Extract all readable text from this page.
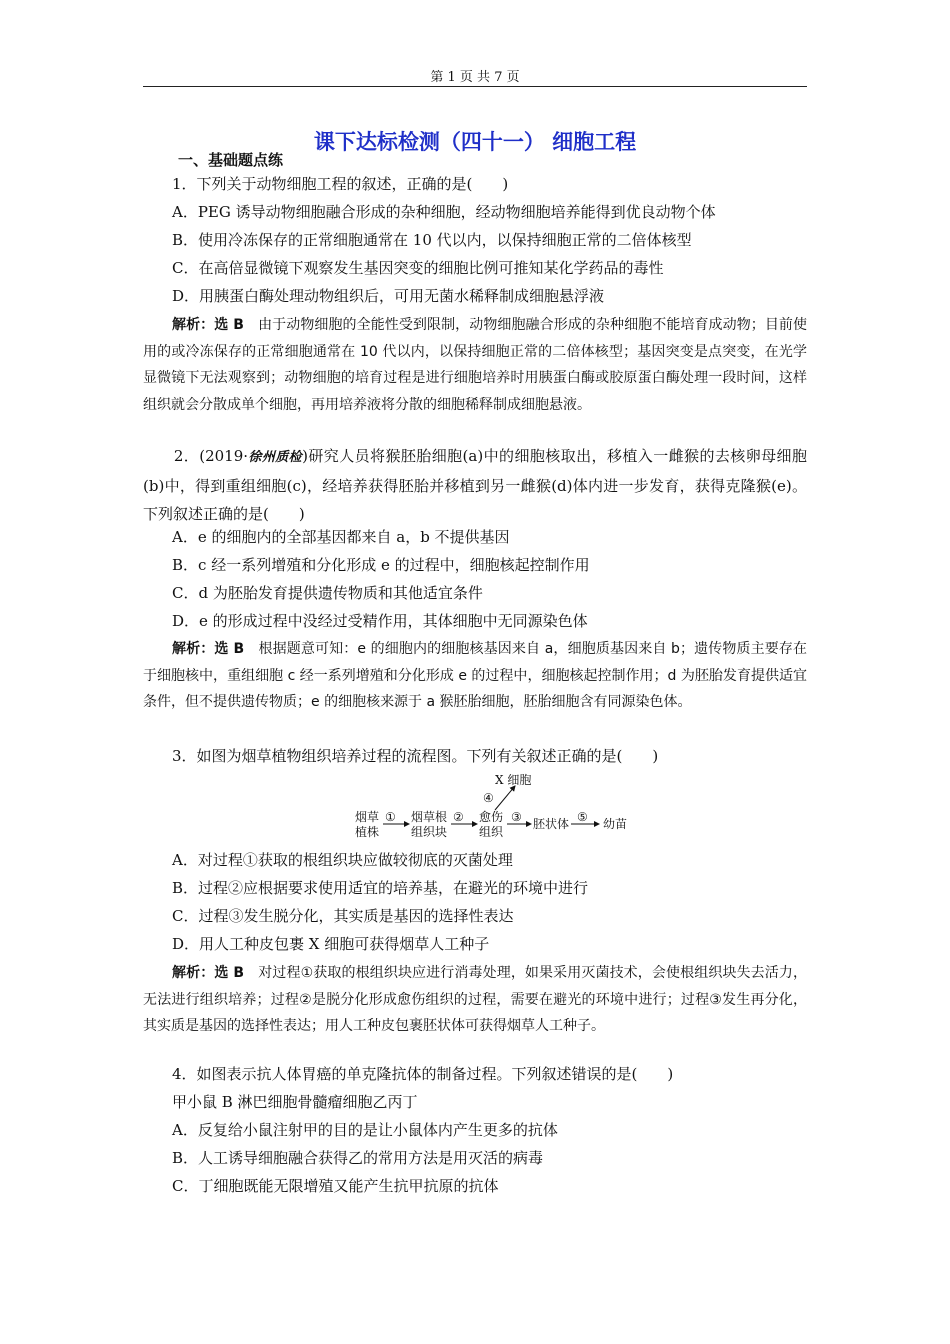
第 1 页 共 7 页
课下达标检测（四十一） 细胞工程
一、基础题点练
1．下列关于动物细胞工程的叙述，正确的是(　　)
A．PEG 诱导动物细胞融合形成的杂种细胞，经动物细胞培养能得到优良动物个体
B．使用冷冻保存的正常细胞通常在 10 代以内，以保持细胞正常的二倍体核型
C．在高倍显微镜下观察发生基因突变的细胞比例可推知某化学药品的毒性
D．用胰蛋白酶处理动物组织后，可用无菌水稀释制成细胞悬浮液
解析：选 B　由于动物细胞的全能性受到限制，动物细胞融合形成的杂种细胞不能培育成动物；目前使用的或冷冻保存的正常细胞通常在 10 代以内，以保持细胞正常的二倍体核型；基因突变是点突变，在光学显微镜下无法观察到；动物细胞的培育过程是进行细胞培养时用胰蛋白酶或胶原蛋白酶处理一段时间，这样组织就会分散成单个细胞，再用培养液将分散的细胞稀释制成细胞悬液。
　　2．(2019·徐州质检)研究人员将猴胚胎细胞(a)中的细胞核取出，移植入一雌猴的去核卵母细胞(b)中，得到重组细胞(c)，经培养获得胚胎并移植到另一雌猴(d)体内进一步发育，获得克隆猴(e)。下列叙述正确的是(　　)
A．e 的细胞内的全部基因都来自 a，b 不提供基因
B．c 经一系列增殖和分化形成 e 的过程中，细胞核起控制作用
C．d 为胚胎发育提供遗传物质和其他适宜条件
D．e 的形成过程中没经过受精作用，其体细胞中无同源染色体
解析：选 B　根据题意可知：e 的细胞内的细胞核基因来自 a，细胞质基因来自 b；遗传物质主要存在于细胞核中，重组细胞 c 经一系列增殖和分化形成 e 的过程中，细胞核起控制作用；d 为胚胎发育提供适宜条件，但不提供遗传物质；e 的细胞核来源于 a 猴胚胎细胞，胚胎细胞含有同源染色体。
3．如图为烟草植物组织培养过程的流程图。下列有关叙述正确的是(　　)
烟草
植株
① 烟草根
组织块
② 愈伤
组织
③ 胚状体 ⑤ 幼苗
④
X 细胞
A．对过程①获取的根组织块应做较彻底的灭菌处理
B．过程②应根据要求使用适宜的培养基，在避光的环境中进行
C．过程③发生脱分化，其实质是基因的选择性表达
D．用人工种皮包裹 X 细胞可获得烟草人工种子
解析：选 B　对过程①获取的根组织块应进行消毒处理，如果采用灭菌技术，会使根组织块失去活力，无法进行组织培养；过程②是脱分化形成愈伤组织的过程，需要在避光的环境中进行；过程③发生再分化，其实质是基因的选择性表达；用人工种皮包裹胚状体可获得烟草人工种子。
4．如图表示抗人体胃癌的单克隆抗体的制备过程。下列叙述错误的是(　　)
甲小鼠 B 淋巴细胞骨髓瘤细胞乙丙丁
A．反复给小鼠注射甲的目的是让小鼠体内产生更多的抗体
B．人工诱导细胞融合获得乙的常用方法是用灭活的病毒
C．丁细胞既能无限增殖又能产生抗甲抗原的抗体
